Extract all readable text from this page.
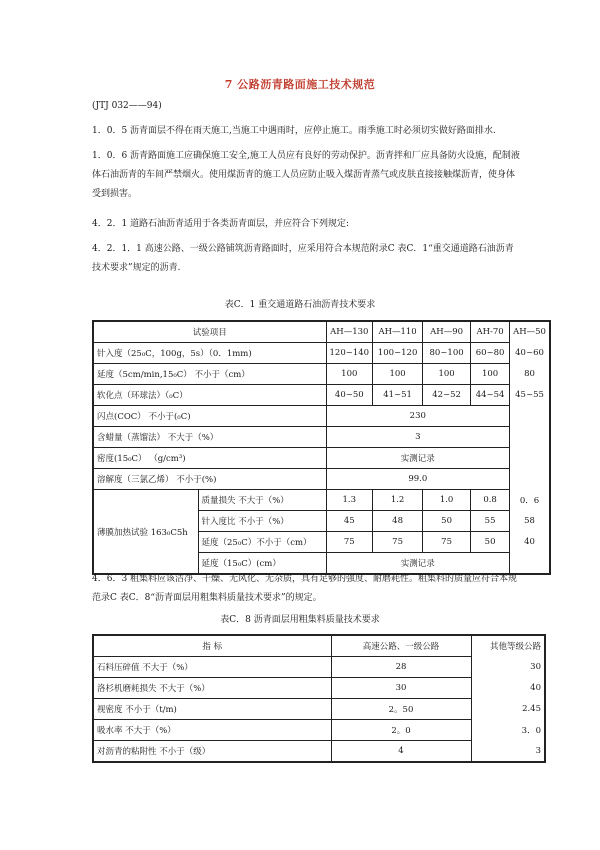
7 公路沥青路面施工技术规范
(JTJ 032——94)
1．0．5 沥青面层不得在雨天施工,当施工中遇雨时，应停止施工。雨季施工时必须切实做好路面排水.
1．0．6 沥青路面施工应确保施工安全,施工人员应有良好的劳动保护。沥青拌和厂应具备防火设施，配制液体石油沥青的车间严禁烟火。使用煤沥青的施工人员应防止吸入煤沥青蒸气或皮肤直接接触煤沥青，使身体受到损害。
4．2．1 道路石油沥青适用于各类沥青面层，并应符合下列规定:
4．2．1．1 高速公路、一级公路铺筑沥青路面时，应采用符合本规范附录C 表C．1“重交通道路石油沥青技术要求”规定的沥青.
表C．1 重交通道路石油沥青技术要求
试验项目		AH—130	AH—110	AH—90	AH-70	AH—50
针入度（25₀C，100g，5s）（0．1mm)		120~140	100~120	80~100	60~80	40~60
延度（5cm/min,15₀C） 不小于（cm）		100	100	100	100	80
软化点（环球法）（₀C）		40~50	41~51	42~52	44~54	45~55
闪点(COC） 不小于(₀C)		230				
含蜡量（蒸馏法） 不大于（%）		3				
密度(15₀C） （g/cm³)		实测记录				
溶解度（三氯乙烯） 不小于(%)		99.0				
薄膜加热试验 163₀C5h	质量损失 不大于（%）	1.3	1.2	1.0	0.8	0．6
	针入度比 不小于（%）	45	48	50	55	58
	延度（25₀C）不小于（cm）	75	75	75	50	40
	延度（15₀C）(cm）	实测记录				
4．6．3 粗集料应该洁净、干燥、无风化、无杂质，具有足够的强度、耐磨耗性。粗集料的质量应符合本规范录C 表C．8“沥青面层用粗集料质量技术要求”的规定。
表C．8 沥青面层用粗集料质量技术要求
指 标	高速公路、一级公路	其他等级公路
石料压碎值 不大于（%）	28	30
洛杉机磨耗损失 不大于（%）	30	40
视密度 不小于（t/m)	2。50	2.45
吸水率 不大于（%）	2。0	3．0
对沥青的粘附性 不小于（级）	4	3
